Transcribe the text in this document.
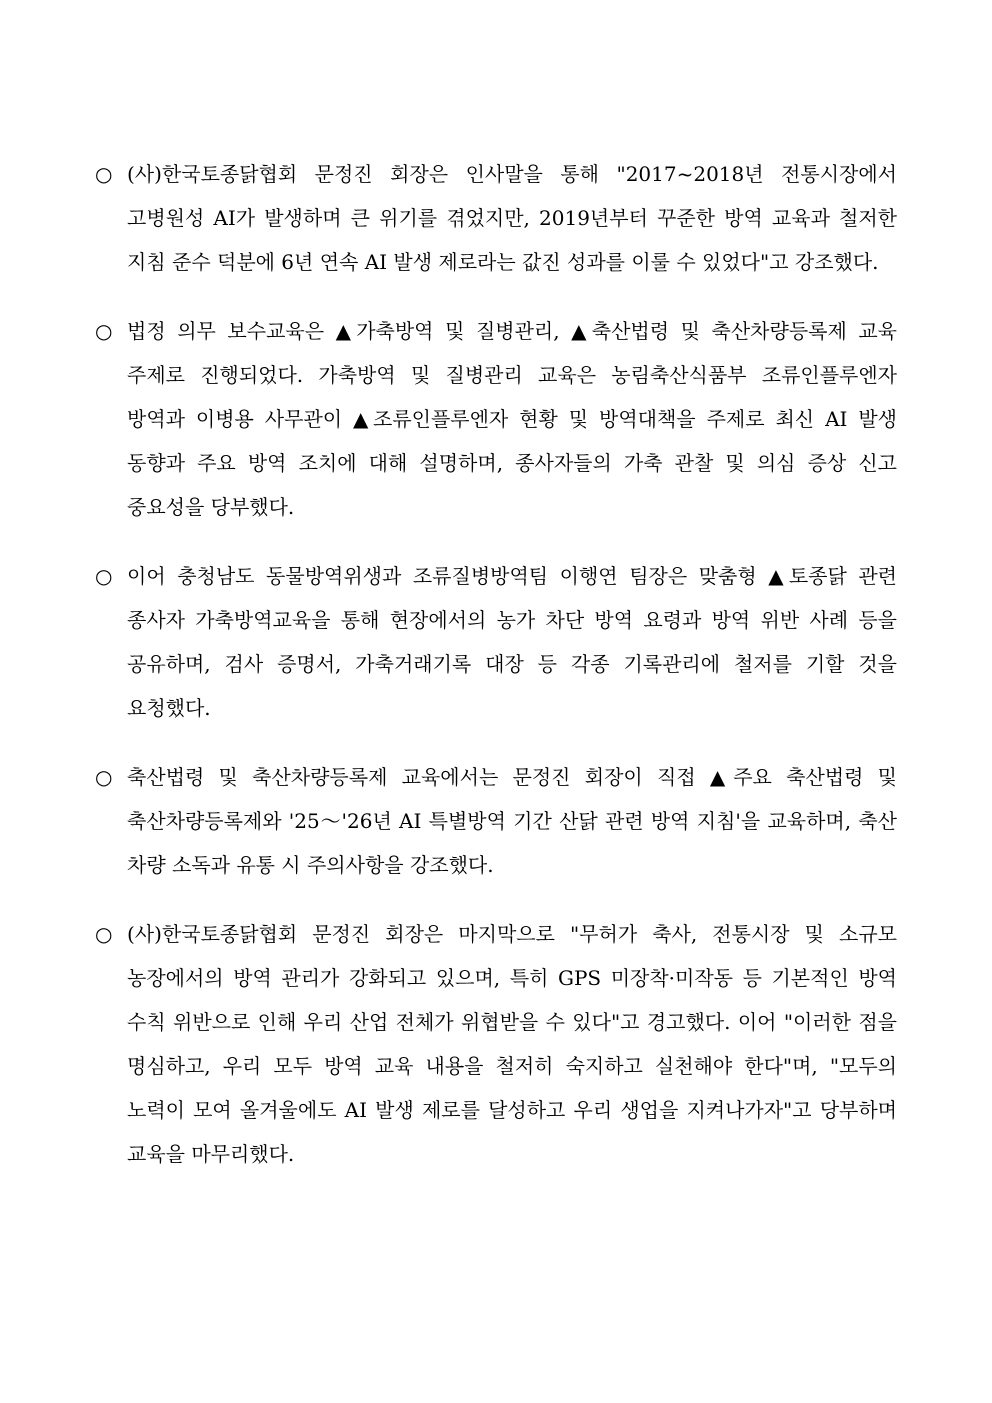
○ (사)한국토종닭협회 문정진 회장은 인사말을 통해 "2017~2018년 전통시장에서 고병원성 AI가 발생하며 큰 위기를 겪었지만, 2019년부터 꾸준한 방역 교육과 철저한 지침 준수 덕분에 6년 연속 AI 발생 제로라는 값진 성과를 이룰 수 있었다"고 강조했다.
○ 법정 의무 보수교육은 ▲가축방역 및 질병관리, ▲축산법령 및 축산차량등록제 교육 주제로 진행되었다. 가축방역 및 질병관리 교육은 농림축산식품부 조류인플루엔자 방역과 이병용 사무관이 ▲조류인플루엔자 현황 및 방역대책을 주제로 최신 AI 발생 동향과 주요 방역 조치에 대해 설명하며, 종사자들의 가축 관찰 및 의심 증상 신고 중요성을 당부했다.
○ 이어 충청남도 동물방역위생과 조류질병방역팀 이행연 팀장은 맞춤형 ▲토종닭 관련 종사자 가축방역교육을 통해 현장에서의 농가 차단 방역 요령과 방역 위반 사례 등을 공유하며, 검사 증명서, 가축거래기록 대장 등 각종 기록관리에 철저를 기할 것을 요청했다.
○ 축산법령 및 축산차량등록제 교육에서는 문정진 회장이 직접 ▲주요 축산법령 및 축산차량등록제와 '25～'26년 AI 특별방역 기간 산닭 관련 방역 지침'을 교육하며, 축산 차량 소독과 유통 시 주의사항을 강조했다.
○ (사)한국토종닭협회 문정진 회장은 마지막으로 "무허가 축사, 전통시장 및 소규모 농장에서의 방역 관리가 강화되고 있으며, 특히 GPS 미장착·미작동 등 기본적인 방역 수칙 위반으로 인해 우리 산업 전체가 위협받을 수 있다"고 경고했다. 이어 "이러한 점을 명심하고, 우리 모두 방역 교육 내용을 철저히 숙지하고 실천해야 한다"며, "모두의 노력이 모여 올겨울에도 AI 발생 제로를 달성하고 우리 생업을 지켜나가자"고 당부하며 교육을 마무리했다.
